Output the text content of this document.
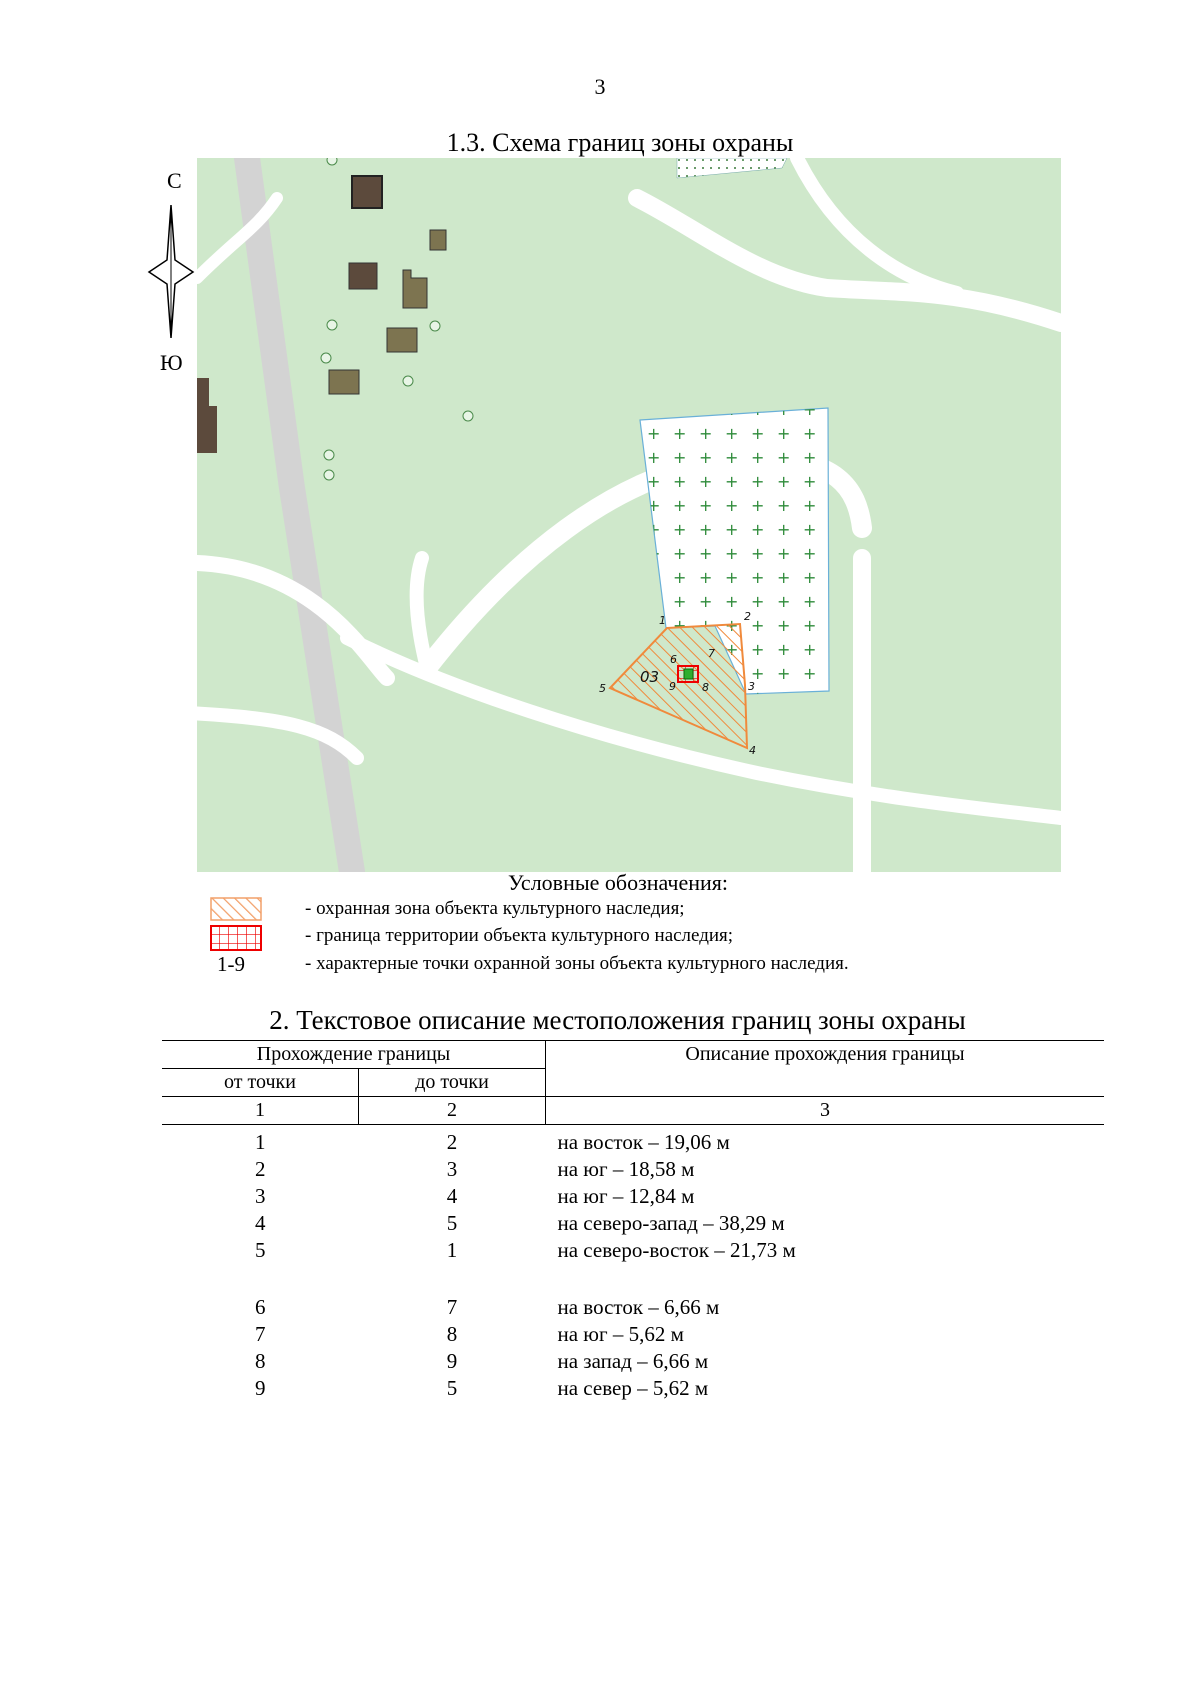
3
1.3. Схема границ зоны охраны
С
Ю
03
1	2
3
4
5
6	7
8
9
Условные обозначения:
- охранная зона объекта культурного наследия;
- граница территории объекта культурного наследия;
1-9	- характерные точки охранной зоны объекта культурного наследия.
2. Текстовое описание местоположения границ зоны охраны
Прохождение границы		Описание прохождения границы
от точки	до точки	
1	2	3

1	2	на восток – 19,06 м
2	3	на юг – 18,58 м
3	4	на юг – 12,84 м
4	5	на северо-запад – 38,29 м
5	1	на северо-восток – 21,73 м

6	7	на восток – 6,66 м
7	8	на юг – 5,62 м
8	9	на запад – 6,66 м
9	5	на север – 5,62 м
